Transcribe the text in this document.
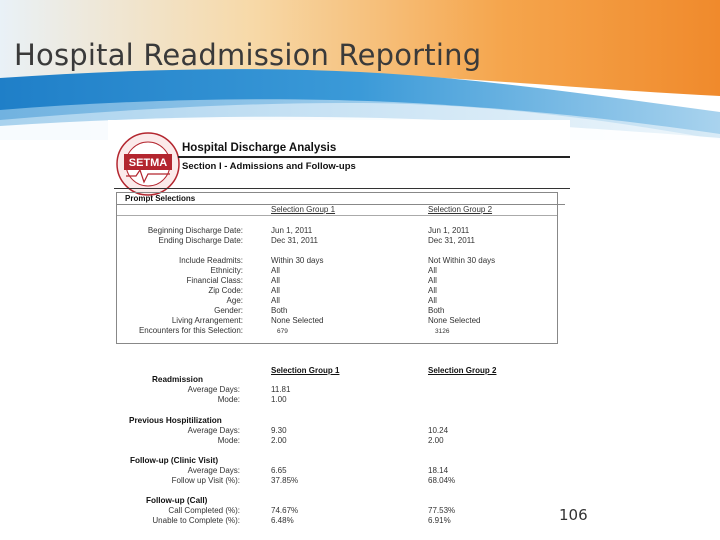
Hospital Readmission Reporting
SETMA
Hospital Discharge Analysis
Section I - Admissions and Follow-ups
Prompt Selections
Selection Group 1	Selection Group 2
Beginning Discharge Date:	Jun 1, 2011	Jun 1, 2011
Ending Discharge Date:	Dec 31, 2011	Dec 31, 2011
Include Readmits:	Within 30 days	Not Within 30 days
Ethnicity:	All	All
Financial Class:	All	All
Zip Code:	All	All
Age:	All	All
Gender:	Both	Both
Living Arrangement:	None Selected	None Selected
Encounters for this Selection:	679	3126
Selection Group 1	Selection Group 2
Readmission
Average Days:	11.81
Mode:	1.00
Previous Hospitilization
Average Days:	9.30	10.24
Mode:	2.00	2.00
Follow-up (Clinic Visit)
Average Days:	6.65	18.14
Follow up Visit (%):	37.85%	68.04%
Follow-up (Call)
Call Completed (%):	74.67%	77.53%
Unable to Complete (%):	6.48%	6.91%	106
